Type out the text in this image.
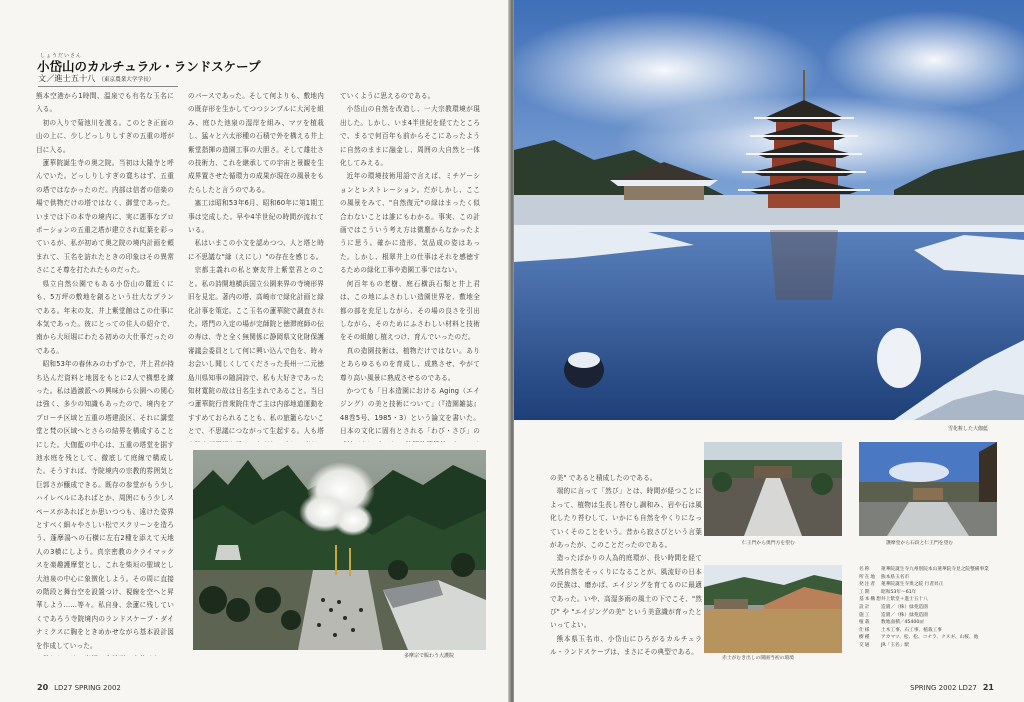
しょうだいさん
小岱山のカルチュラル・ランドスケープ
文／進士五十八 （東京農業大学学長）

熊本空港から1時間、温泉でも有名な玉名に入る。

初の入りで菊池川を渡る。このとき正面の山の上に、少しどっしりしすぎの五重の塔が目に入る。

蓮華院誕生寺の奥之院。当初は大隆寺と呼んでいた。どっしりしすぎの寛ちはず、五重の塔ではなかったのだ。内部は信者の信楽の場で供物だけの塔ではなく、御堂であった。いまでは下の本寺の境内に、実に悪事なプロポーションの五重之塔が建立され紅葉を彩っているが、私が初めて奥之院の境内計画を頼まれて、玉名を訪れたときの印象はその異常さにこそ尊を打たれたものだった。

県立自然公園でもある小岱山の麓近くにも、5万坪の敷地を創るという壮大なプランである。年末の友、井上紫堂館はこの仕事に本気であった。彼にとっての住人の紹介で、南から大垣堀にわたる初めの大仕事だったのである。

昭和53年の春休みのわずかで、井上君が持ち込んだ資料と地図をもとに2人で構想を練った。私は過激派への興味から公園への関心は強く、多少の知識もあったので、境内をアプローチ区域と五重の塔建設区、それに講堂堂と梵の区域へとさらの結界を構成することにした。大伽藍の中心は、五重の塔堂を据す池水庭を残として、徹底して庭線で構成した。そうすれば、寺院境内の宗教的雰囲気と巨郭さが醸成できる。既存の参堂がもう少しハイレベルにあればとか、周囲にもう少しスペースがあればとか思いつつも、遠けた姿界とすべく細々やさしい松でスクリーンを造ろう、蓬摩湯への石横に左右2種を添えて天地人の3横にしよう。真宗密教のクライマックスを楽趣護摩堂とし、これを柴垣の聖域とし大池泉の中心に象徴化しよう。その周に直接の階段と舞台空を設置つけ、視線を空へと昇華しよう……等々。私自身、余蓮に残していくであろう寺院境内のランドスケープ・ダイナミクスに胸をときめかせながら基本設計図を作成していった。

のパースであった。そして何よりも、敷地内の既存形を生かしてつつシンプルに大河を組み、庭ひた池泉の湿岸を組み、マツを植栽し、猛々と六太形種の石積で外を構える井上紫堂指揮の造園工事の大胆さ。そして雄壮さの技術力、これを継承しての宇宙と景観を生成界置させた循環力の成果が現在の風景をもたらしたと言うのである。

塞工は昭和53年6月、昭和60年に第1期工事は完成した。早や4半世紀の時間が流れている。

私はいまこの小文を認めつつ、人と塔と時に不思議な"縁（えにし）"の存在を感じる。

宗都主義れの私と寮友井上紫堂君とのこと。私の詩開地横浜国立公園来界の寺境形界旧を見定。著内の塔、高崎市で緑化計画と緑化計事を策定。ここ玉名の蓮華院で調査された。塔門の入定の場が完師院と徳滞庭師の伝の寿は、寺と全く無関係に静岡県文化財保護審議会委員として何に興い込んで色を、時々お会いし聞しくしてくださった長州一二元徳島川県知事の随詞詩で、私も大好きであった知材寛院の故は日名生まれであること。当日つ蓮華院行首衆院住寺ご主は内部地道運動をすすめておられることも、私の旅籠らないことで、不思議につながって生起する。人も塔

ていくように思えるのである。

小岱山の自然を改造し、一大宗教環境が現出した。しかし、いま4半世紀を経てたところで、まるで何百年も前からそこにあったように自然のままに融金し、周囲の大自然と一体化してみえる。

近年の環境技術用語で言えば、ミチゲーションとレストレーション。だがしかし、ここの風景をみて、"自然復元"の緑はまったく似合わないことは誰にもわかる。事実、この計画ではこういう考え方は微塵からなかったように思う。確かに造形、気品成の姿はあった。しかし、根翠井上の仕事はそれを感徳するための緑化工事や造園工事ではない。

何百年もの老樹、庭石横浜石類と井上君は、この地にふさわしい造園世界を、敷地全都の部を充足しながら、その場の良さを引出しながら、そのためにふさわしい材料と技術をその組館し植えつけ、育んでいったのだ。

真の造園技術は、植物だけではない。ありとあらゆるものを育成し、成熟させ、やがて尊り高い風景に熟成させるのである。

かつても「日本造園における Aging（エイジング）の美と技術について」（『造園雑誌』48巻5号、1985・3）という論文を書いた。日本の文化に固有とされる「わび・さび」の

多摩宗で賑わう大護院
20 LD27 SPRING 2002
雪化粧した大伽藍

の美" であると積成したのである。

端的に言って「然び」とは、時間が経つことによって、植物は生長し苔むし調和み、岩や石は風化したり苔むして、いかにも自然をやくりになっていくそのことをいう。昔から寂さびという言葉があったが、このことだったのである。

造ったばかりの人為的庭環が、長い時間を経て天然自然をそっくりになることが、風流好の日本の民族は、磨かば、エイジングを育てるのに最適であった。いや、高湿多雨の風土の下でこそ、"然び" や "エイジングの美" という美意識が育ったといってよい。

熊本県玉名市、小岱山にひろがるカルチュラル・ランドスケープは、まさにその典型である。

仁王門から奥門方を望む	護摩堂から石段と仁王門を望む
赤土がむき出しの開園当初の環境
名称	蓮華院誕生寺九州別院本山蓮華院寺見之院整備事業
所在地	熊本県玉名市
発注者	蓮華院誕生寺奥之院 行者昇正
工期	昭和53年～61年
基本構想 井上紫堂＋進士五十八
設計	造園／（株）緑苑造園
施工	造園／（株）緑苑造園
植栽	数地面積／45400㎡
仕様	土木工事、石工事、植栽工事
樹種	アカマツ、松、松、コナラ、クヌギ、山桜、他
交通	JR「玉名」駅
SPRING 2002 LD27 21
